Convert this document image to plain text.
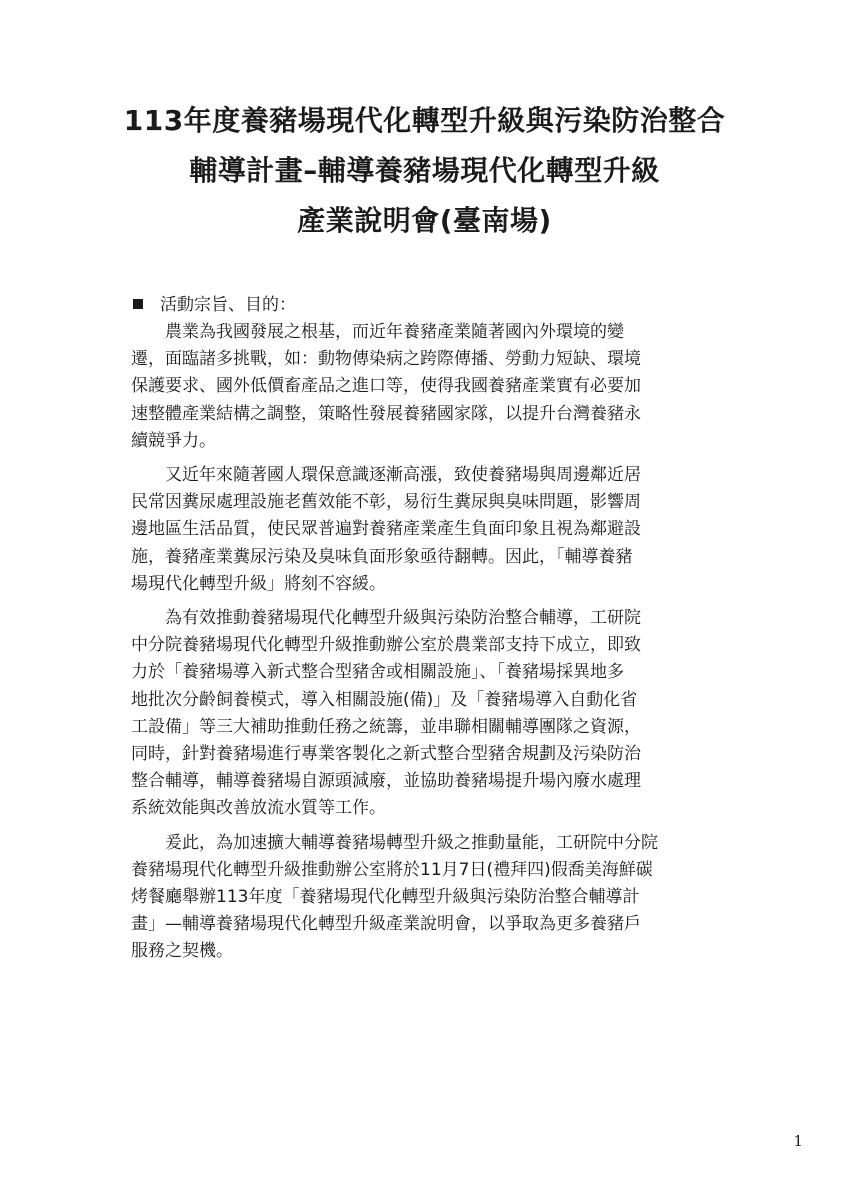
113年度養豬場現代化轉型升級與污染防治整合
輔導計畫–輔導養豬場現代化轉型升級
產業說明會(臺南場)
活動宗旨、目的：
　　農業為我國發展之根基，而近年養豬產業隨著國內外環境的變
遷，面臨諸多挑戰，如：動物傳染病之跨際傳播、勞動力短缺、環境
保護要求、國外低價畜產品之進口等，使得我國養豬產業實有必要加
速整體產業結構之調整，策略性發展養豬國家隊，以提升台灣養豬永
續競爭力。
　　又近年來隨著國人環保意識逐漸高漲，致使養豬場與周邊鄰近居
民常因糞尿處理設施老舊效能不彰，易衍生糞尿與臭味問題，影響周
邊地區生活品質，使民眾普遍對養豬產業產生負面印象且視為鄰避設
施，養豬產業糞尿污染及臭味負面形象亟待翻轉。因此，「輔導養豬
場現代化轉型升級」將刻不容緩。
　　為有效推動養豬場現代化轉型升級與污染防治整合輔導，工研院
中分院養豬場現代化轉型升級推動辦公室於農業部支持下成立，即致
力於「養豬場導入新式整合型豬舍或相關設施」、「養豬場採異地多
地批次分齡飼養模式，導入相關設施(備)」及「養豬場導入自動化省
工設備」等三大補助推動任務之統籌，並串聯相關輔導團隊之資源，
同時，針對養豬場進行專業客製化之新式整合型豬舍規劃及污染防治
整合輔導，輔導養豬場自源頭減廢，並協助養豬場提升場內廢水處理
系統效能與改善放流水質等工作。
　　爰此，為加速擴大輔導養豬場轉型升級之推動量能，工研院中分院
養豬場現代化轉型升級推動辦公室將於11月7日(禮拜四)假喬美海鮮碳
烤餐廳舉辦113年度「養豬場現代化轉型升級與污染防治整合輔導計
畫」—輔導養豬場現代化轉型升級產業說明會，以爭取為更多養豬戶
服務之契機。
1
